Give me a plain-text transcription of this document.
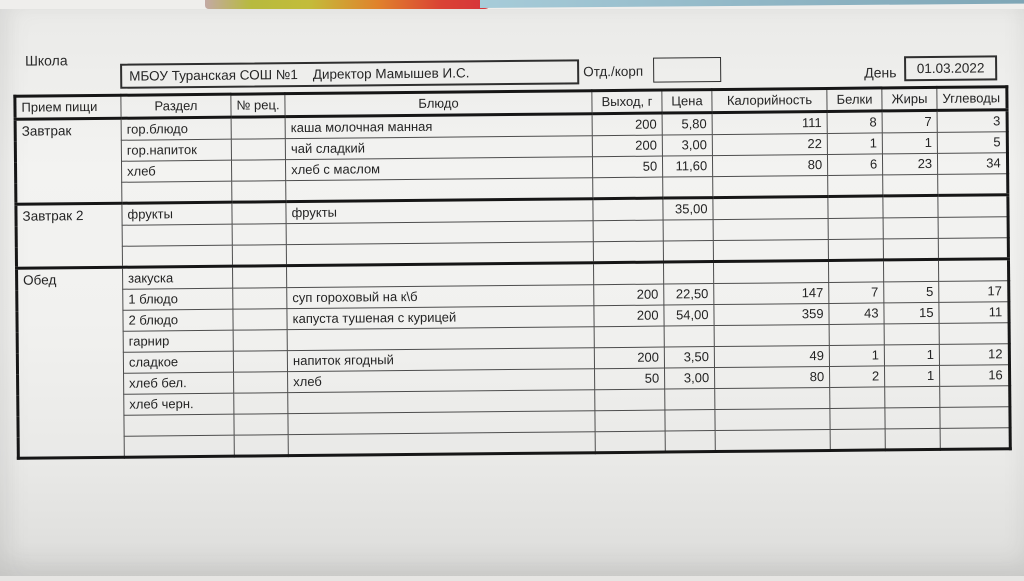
Школа
МБОУ Туранская СОШ №1    Директор Мамышев И.С.	Отд./корп	День	01.03.2022
Прием пищи	Раздел	№ рец.	Блюдо	Выход, г	Цена	Калорийность	Белки	Жиры	Углеводы
Завтрак	гор.блюдо		каша молочная манная	200	5,80	111	8	7	3
	гор.напиток		чай сладкий	200	3,00	22	1	1	5
	хлеб		хлеб с маслом	50	11,60	80	6	23	34

Завтрак 2	фрукты		фрукты		35,00				

Обед	закуска								
	1 блюдо		суп гороховый на к\б	200	22,50	147	7	5	17
	2 блюдо		капуста тушеная с курицей	200	54,00	359	43	15	11
	гарнир								
	сладкое		напиток ягодный	200	3,50	49	1	1	12
	хлеб бел.		хлеб	50	3,00	80	2	1	16
	хлеб черн.								
